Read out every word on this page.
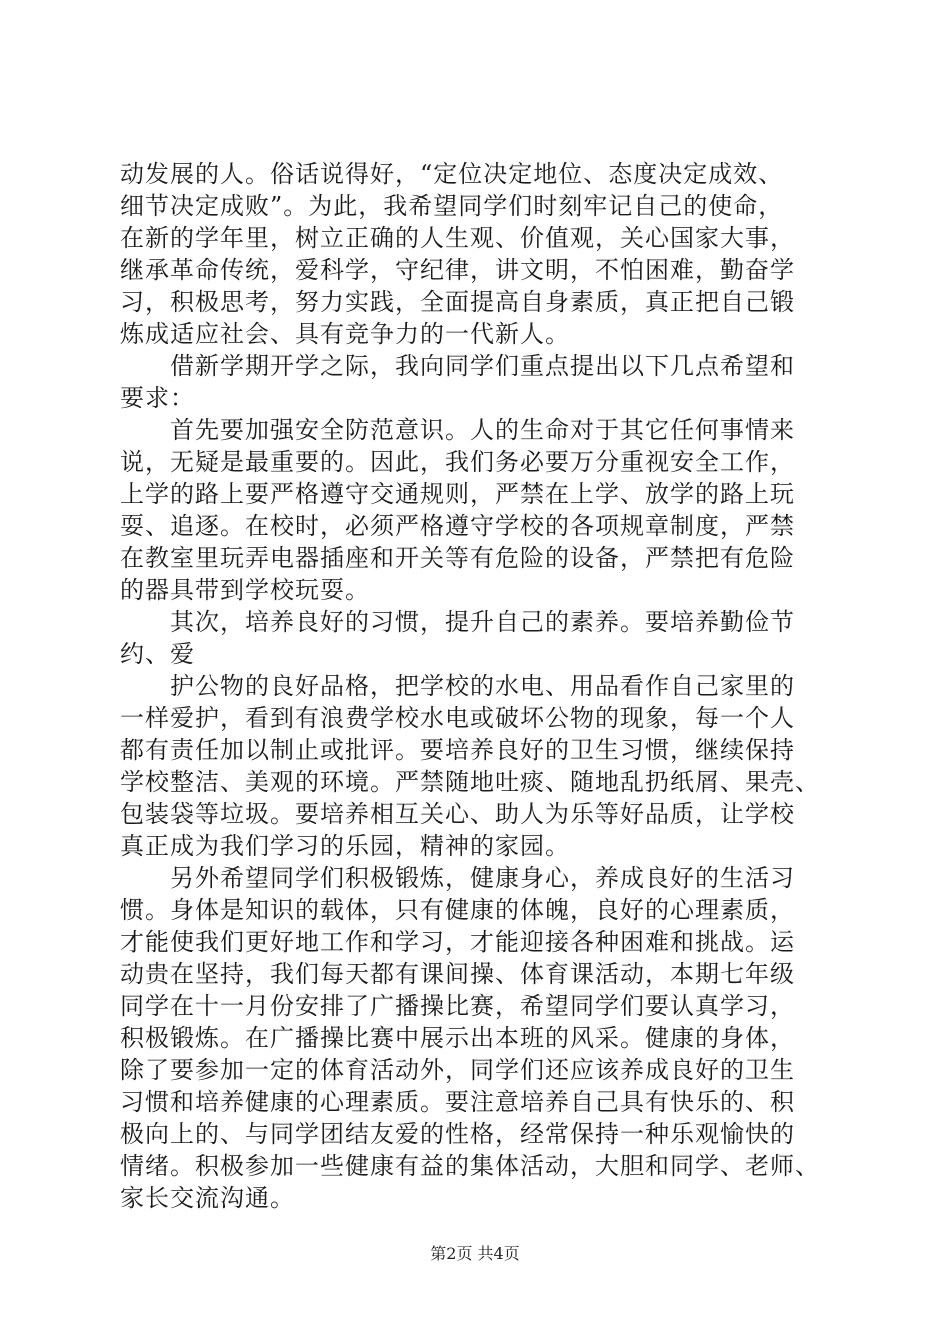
动发展的人。俗话说得好，“定位决定地位、态度决定成效、
细节决定成败”。为此，我希望同学们时刻牢记自己的使命，
在新的学年里，树立正确的人生观、价值观，关心国家大事，
继承革命传统，爱科学，守纪律，讲文明，不怕困难，勤奋学
习，积极思考，努力实践，全面提高自身素质，真正把自己锻
炼成适应社会、具有竞争力的一代新人。
　　借新学期开学之际，我向同学们重点提出以下几点希望和
要求：
　　首先要加强安全防范意识。人的生命对于其它任何事情来
说，无疑是最重要的。因此，我们务必要万分重视安全工作，
上学的路上要严格遵守交通规则，严禁在上学、放学的路上玩
耍、追逐。在校时，必须严格遵守学校的各项规章制度，严禁
在教室里玩弄电器插座和开关等有危险的设备，严禁把有危险
的器具带到学校玩耍。
　　其次，培养良好的习惯，提升自己的素养。要培养勤俭节
约、爱
　　护公物的良好品格，把学校的水电、用品看作自己家里的
一样爱护，看到有浪费学校水电或破坏公物的现象，每一个人
都有责任加以制止或批评。要培养良好的卫生习惯，继续保持
学校整洁、美观的环境。严禁随地吐痰、随地乱扔纸屑、果壳、
包装袋等垃圾。要培养相互关心、助人为乐等好品质，让学校
真正成为我们学习的乐园，精神的家园。
　　另外希望同学们积极锻炼，健康身心，养成良好的生活习
惯。身体是知识的载体，只有健康的体魄，良好的心理素质，
才能使我们更好地工作和学习，才能迎接各种困难和挑战。运
动贵在坚持，我们每天都有课间操、体育课活动，本期七年级
同学在十一月份安排了广播操比赛，希望同学们要认真学习，
积极锻炼。在广播操比赛中展示出本班的风采。健康的身体，
除了要参加一定的体育活动外，同学们还应该养成良好的卫生
习惯和培养健康的心理素质。要注意培养自己具有快乐的、积
极向上的、与同学团结友爱的性格，经常保持一种乐观愉快的
情绪。积极参加一些健康有益的集体活动，大胆和同学、老师、
家长交流沟通。
第2页 共4页
